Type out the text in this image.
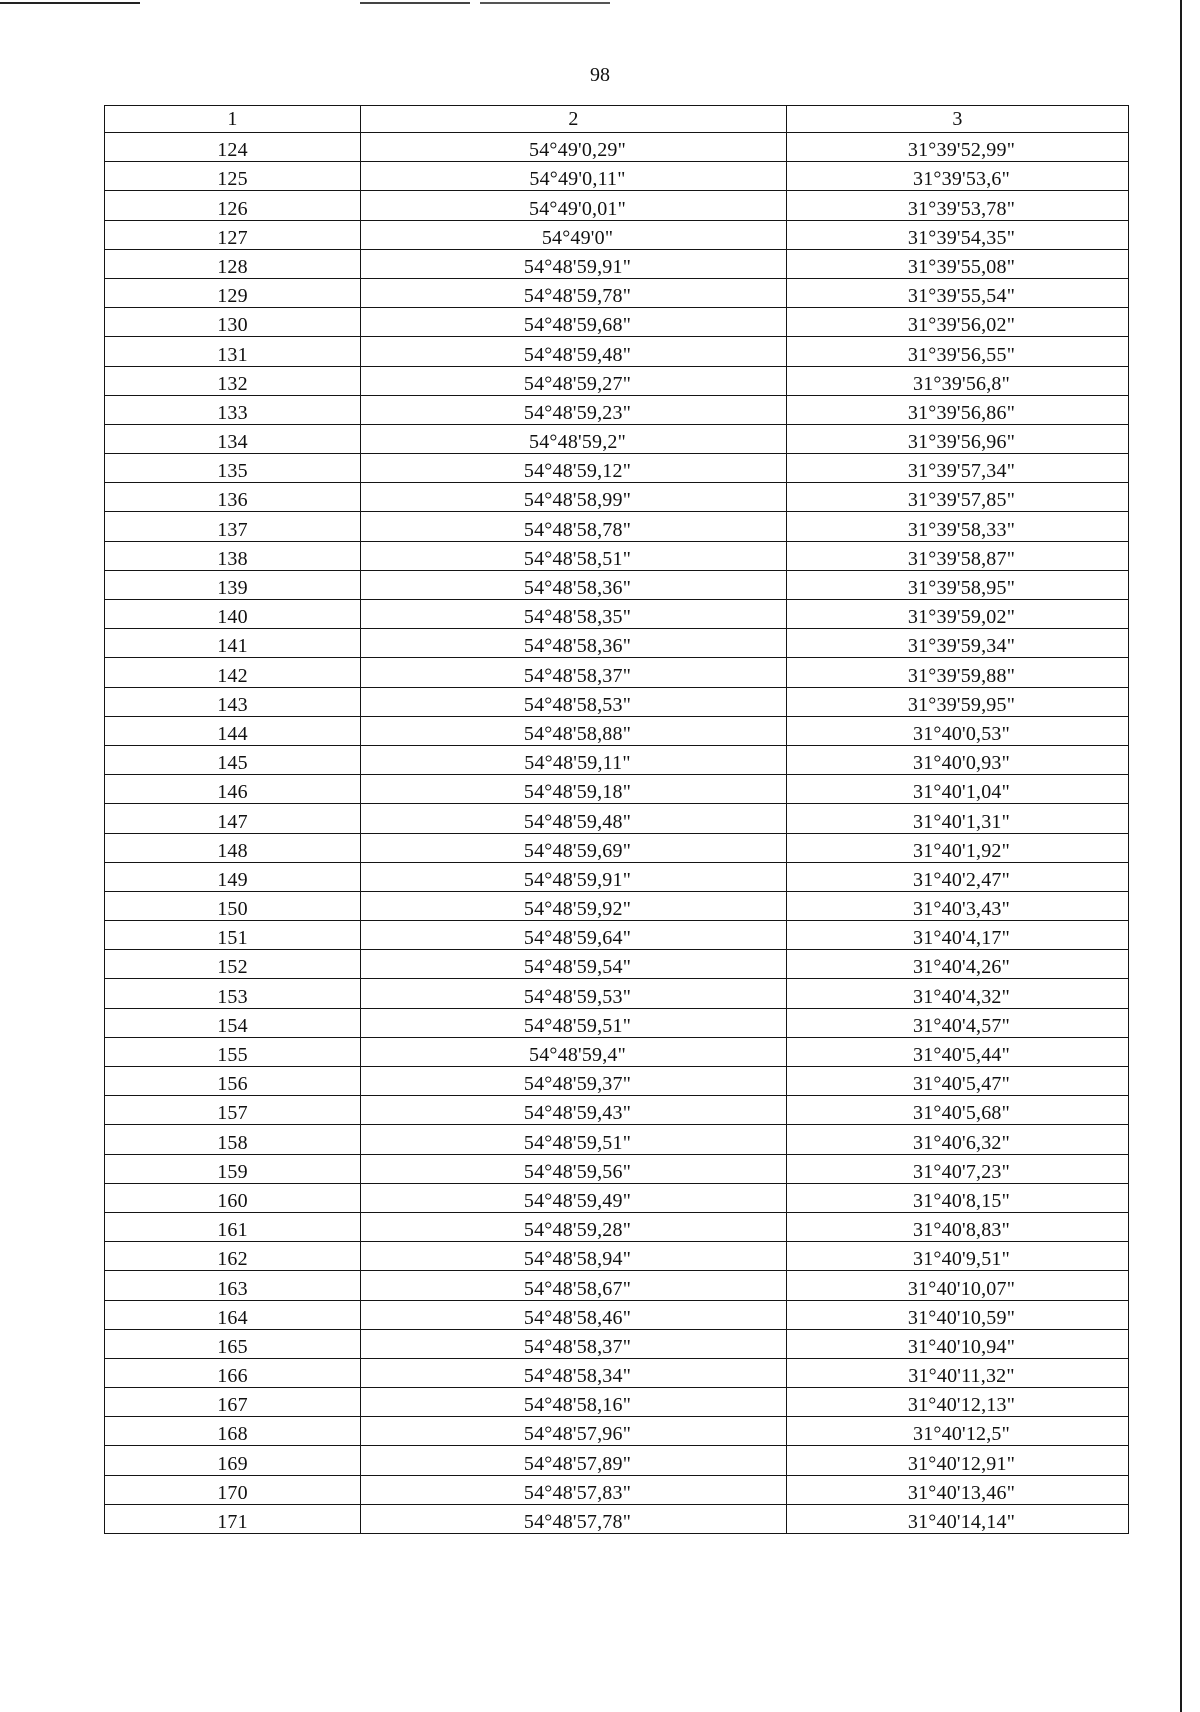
98
1	2	3
124	54°49'0,29"	31°39'52,99"
125	54°49'0,11"	31°39'53,6"
126	54°49'0,01"	31°39'53,78"
127	54°49'0"	31°39'54,35"
128	54°48'59,91"	31°39'55,08"
129	54°48'59,78"	31°39'55,54"
130	54°48'59,68"	31°39'56,02"
131	54°48'59,48"	31°39'56,55"
132	54°48'59,27"	31°39'56,8"
133	54°48'59,23"	31°39'56,86"
134	54°48'59,2"	31°39'56,96"
135	54°48'59,12"	31°39'57,34"
136	54°48'58,99"	31°39'57,85"
137	54°48'58,78"	31°39'58,33"
138	54°48'58,51"	31°39'58,87"
139	54°48'58,36"	31°39'58,95"
140	54°48'58,35"	31°39'59,02"
141	54°48'58,36"	31°39'59,34"
142	54°48'58,37"	31°39'59,88"
143	54°48'58,53"	31°39'59,95"
144	54°48'58,88"	31°40'0,53"
145	54°48'59,11"	31°40'0,93"
146	54°48'59,18"	31°40'1,04"
147	54°48'59,48"	31°40'1,31"
148	54°48'59,69"	31°40'1,92"
149	54°48'59,91"	31°40'2,47"
150	54°48'59,92"	31°40'3,43"
151	54°48'59,64"	31°40'4,17"
152	54°48'59,54"	31°40'4,26"
153	54°48'59,53"	31°40'4,32"
154	54°48'59,51"	31°40'4,57"
155	54°48'59,4"	31°40'5,44"
156	54°48'59,37"	31°40'5,47"
157	54°48'59,43"	31°40'5,68"
158	54°48'59,51"	31°40'6,32"
159	54°48'59,56"	31°40'7,23"
160	54°48'59,49"	31°40'8,15"
161	54°48'59,28"	31°40'8,83"
162	54°48'58,94"	31°40'9,51"
163	54°48'58,67"	31°40'10,07"
164	54°48'58,46"	31°40'10,59"
165	54°48'58,37"	31°40'10,94"
166	54°48'58,34"	31°40'11,32"
167	54°48'58,16"	31°40'12,13"
168	54°48'57,96"	31°40'12,5"
169	54°48'57,89"	31°40'12,91"
170	54°48'57,83"	31°40'13,46"
171	54°48'57,78"	31°40'14,14"
